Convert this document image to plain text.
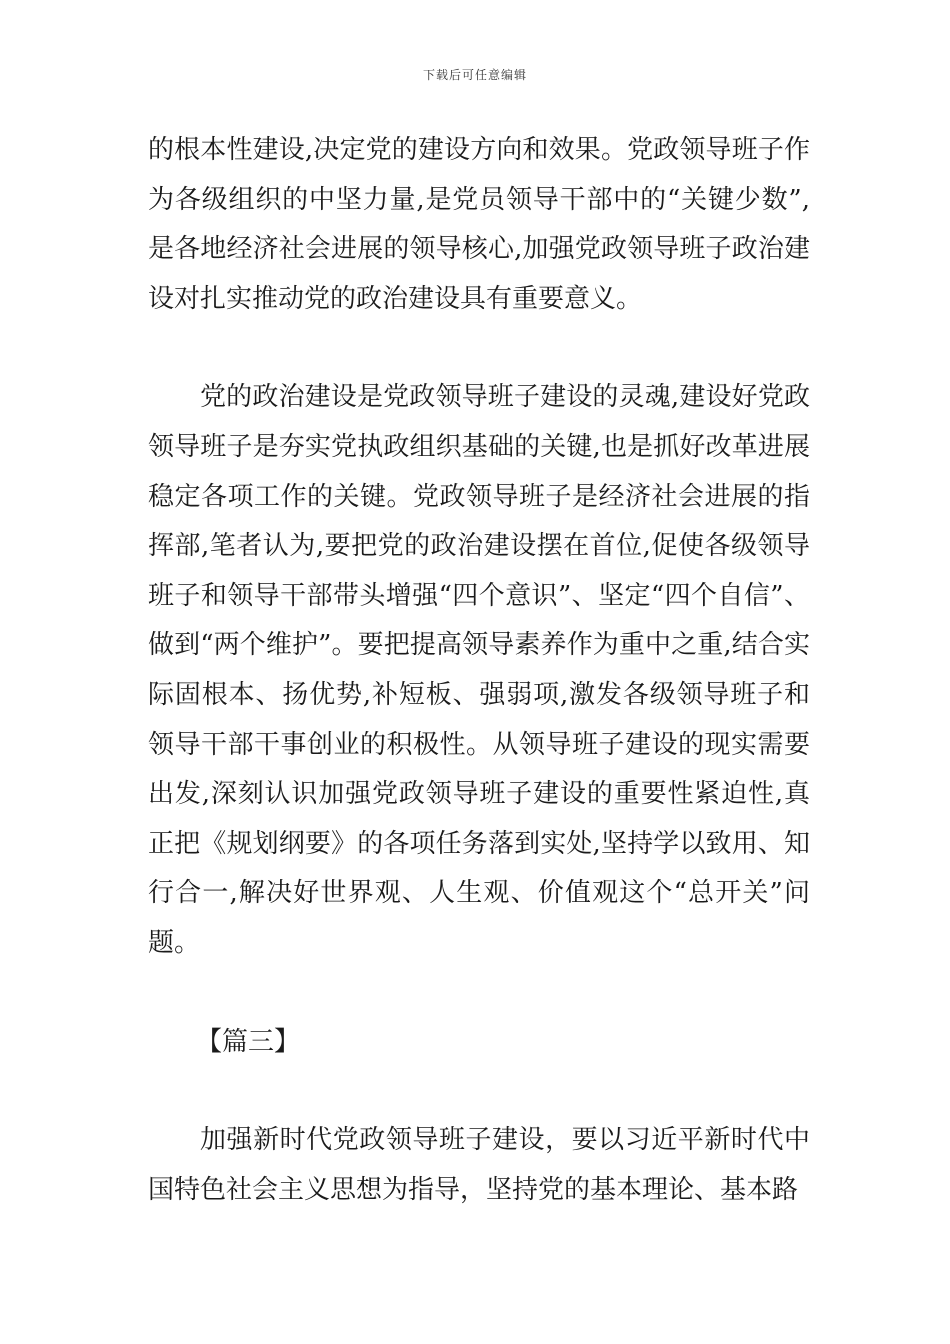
下载后可任意编辑

的根本性建设,决定党的建设方向和效果。党政领导班子作为各级组织的中坚力量,是党员领导干部中的“关键少数”,是各地经济社会进展的领导核心,加强党政领导班子政治建设对扎实推动党的政治建设具有重要意义。

党的政治建设是党政领导班子建设的灵魂,建设好党政领导班子是夯实党执政组织基础的关键,也是抓好改革进展稳定各项工作的关键。党政领导班子是经济社会进展的指挥部,笔者认为,要把党的政治建设摆在首位,促使各级领导班子和领导干部带头增强“四个意识”、坚定“四个自信”、做到“两个维护”。要把提高领导素养作为重中之重,结合实际固根本、扬优势,补短板、强弱项,激发各级领导班子和领导干部干事创业的积极性。从领导班子建设的现实需要出发,深刻认识加强党政领导班子建设的重要性紧迫性,真正把《规划纲要》的各项任务落到实处,坚持学以致用、知行合一,解决好世界观、人生观、价值观这个“总开关”问题。

【篇三】

加强新时代党政领导班子建设，要以习近平新时代中国特色社会主义思想为指导，坚持党的基本理论、基本路
